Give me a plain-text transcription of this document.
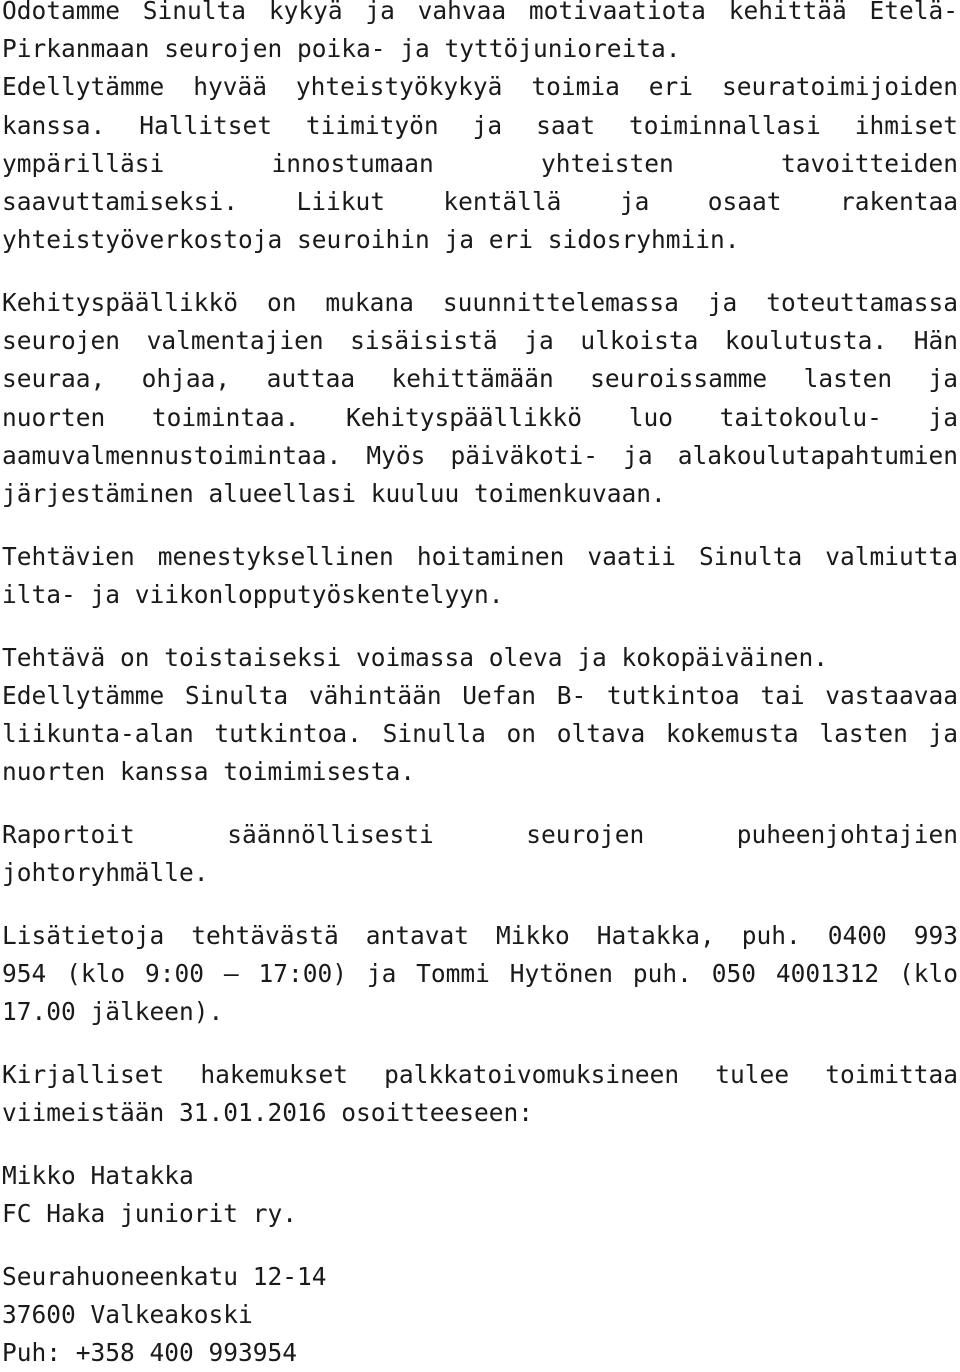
Odotamme Sinulta kykyä ja vahvaa motivaatiota kehittää Etelä-
Pirkanmaan seurojen poika- ja tyttöjunioreita.
Edellytämme hyvää yhteistyökykyä toimia eri seuratoimijoiden
kanssa. Hallitset tiimityön ja saat toiminnallasi ihmiset
ympärilläsi innostumaan yhteisten tavoitteiden
saavuttamiseksi. Liikut kentällä ja osaat rakentaa
yhteistyöverkostoja seuroihin ja eri sidosryhmiin.
Kehityspäällikkö on mukana suunnittelemassa ja toteuttamassa
seurojen valmentajien sisäisistä ja ulkoista koulutusta. Hän
seuraa, ohjaa, auttaa kehittämään seuroissamme lasten ja
nuorten toimintaa. Kehityspäällikkö luo taitokoulu- ja
aamuvalmennustoimintaa. Myös päiväkoti- ja alakoulutapahtumien
järjestäminen alueellasi kuuluu toimenkuvaan.
Tehtävien menestyksellinen hoitaminen vaatii Sinulta valmiutta
ilta- ja viikonlopputyöskentelyyn.
Tehtävä on toistaiseksi voimassa oleva ja kokopäiväinen.
Edellytämme Sinulta vähintään Uefan B- tutkintoa tai vastaavaa
liikunta-alan tutkintoa. Sinulla on oltava kokemusta lasten ja
nuorten kanssa toimimisesta.
Raportoit säännöllisesti seurojen puheenjohtajien
johtoryhmälle.
Lisätietoja tehtävästä antavat Mikko Hatakka, puh. 0400 993
954 (klo 9:00 – 17:00) ja Tommi Hytönen puh. 050 4001312 (klo
17.00 jälkeen).
Kirjalliset hakemukset palkkatoivomuksineen tulee toimittaa
viimeistään 31.01.2016 osoitteeseen:
Mikko Hatakka
FC Haka juniorit ry.
Seurahuoneenkatu 12-14
37600 Valkeakoski
Puh: +358 400 993954
